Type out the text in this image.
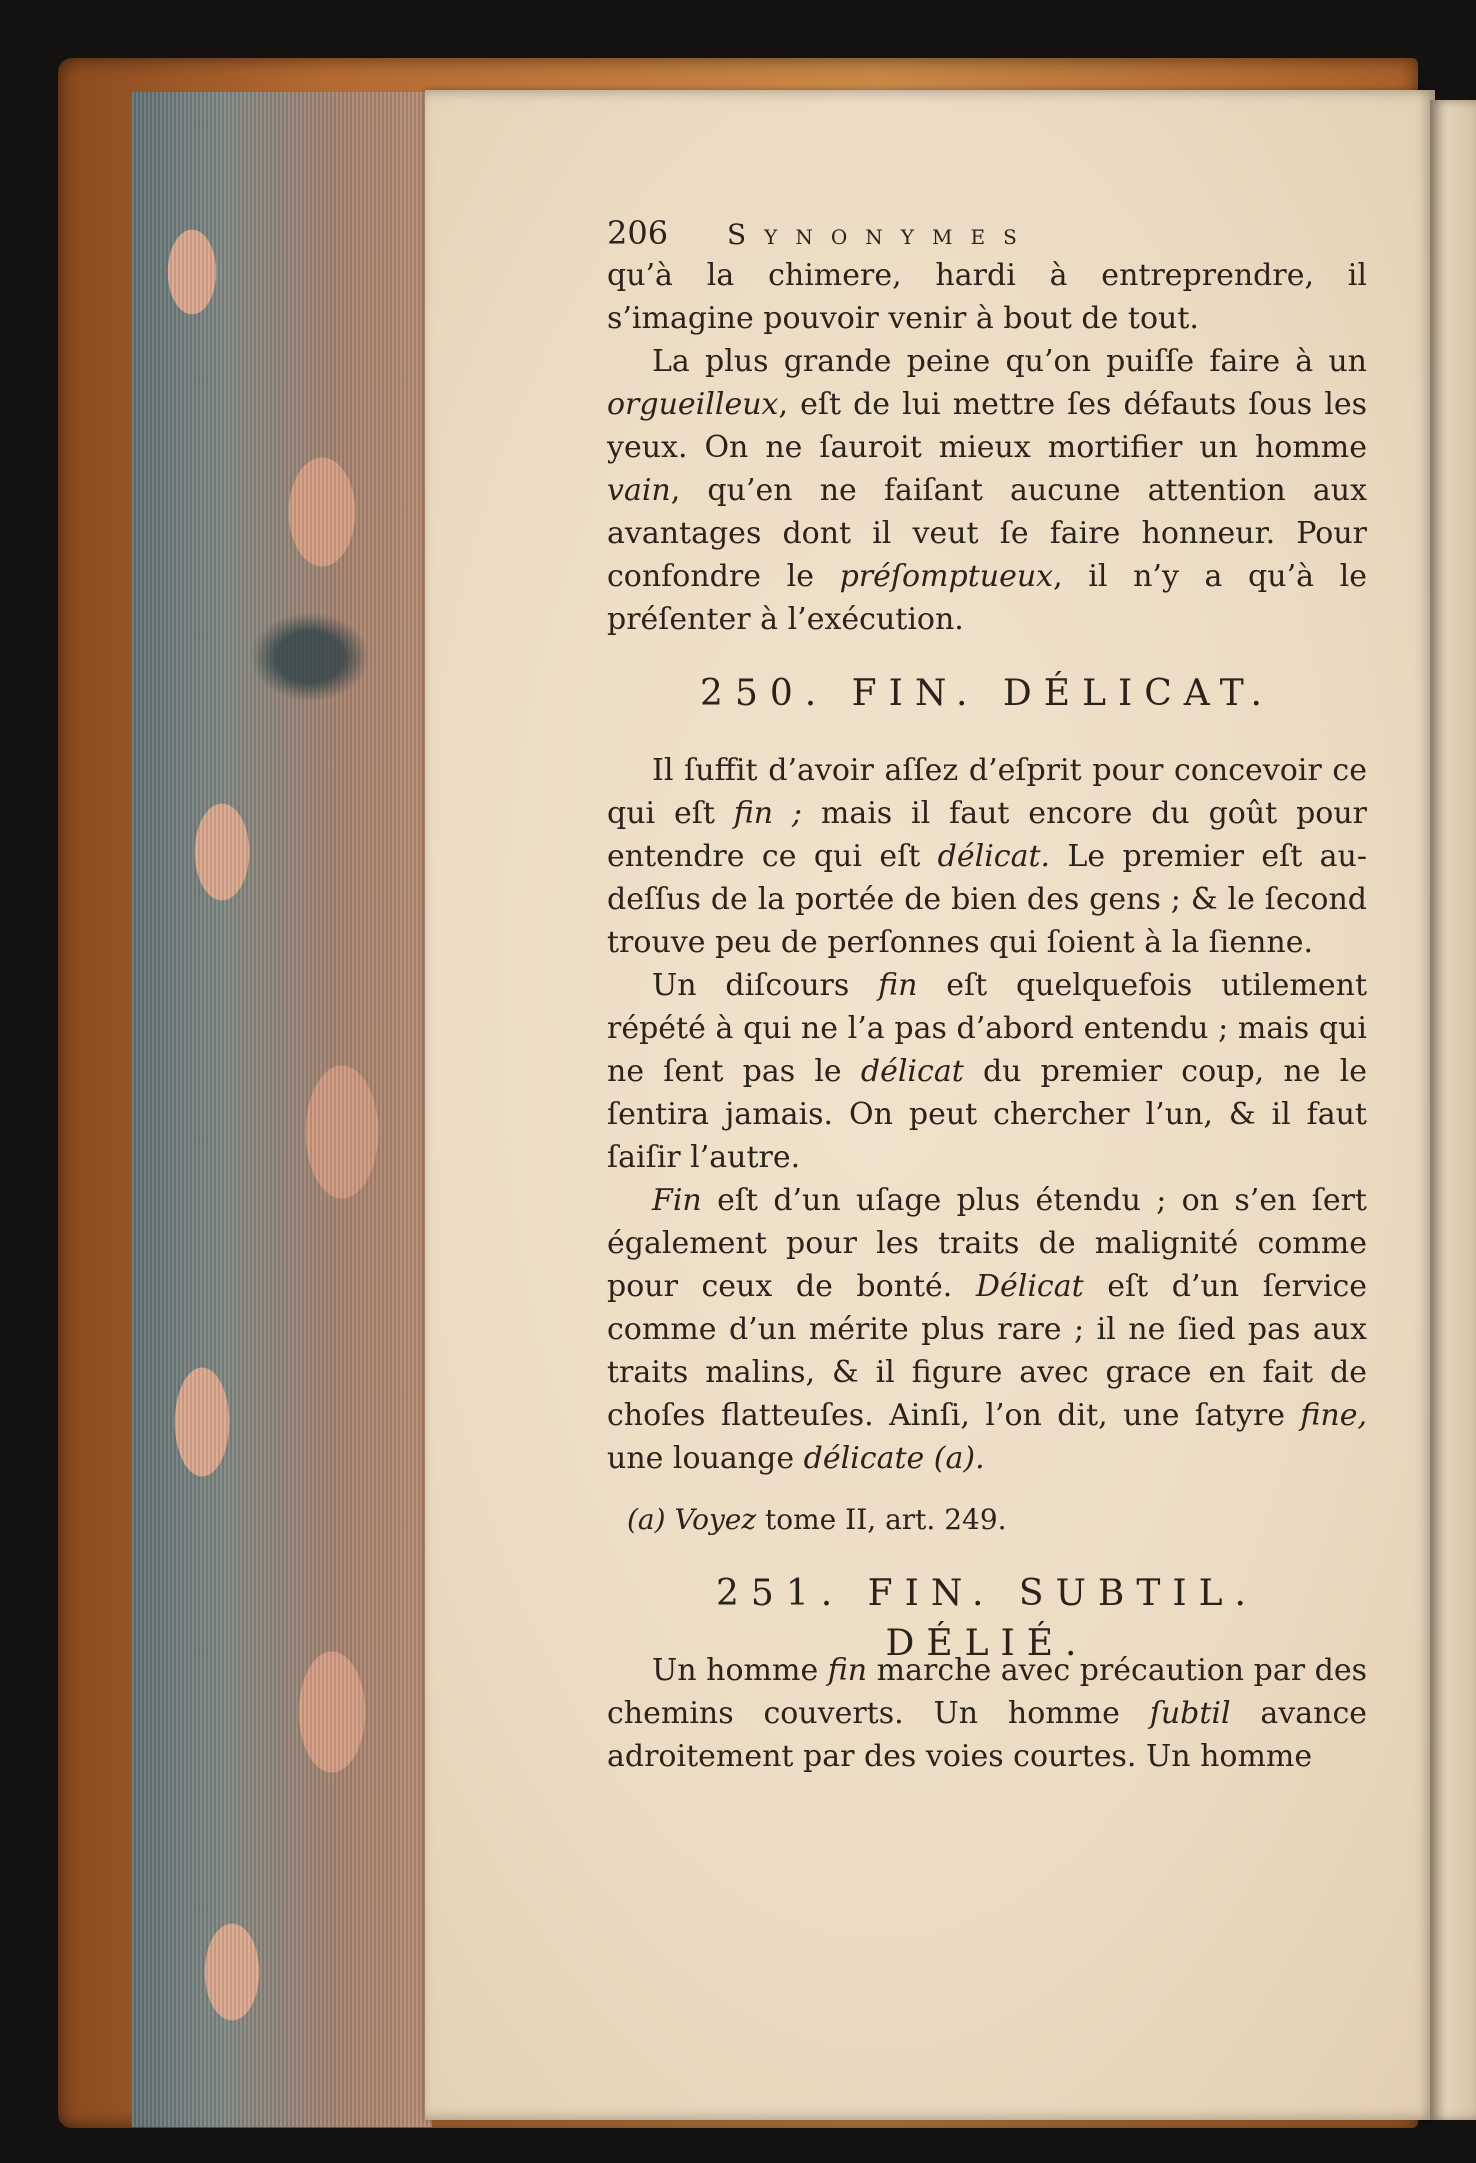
206	Synonymes

qu’à la chimere, hardi à entreprendre, il s’imagine pouvoir venir à bout de tout.

La plus grande peine qu’on puiſſe faire à un orgueilleux, eſt de lui mettre ſes défauts ſous les yeux. On ne ſauroit mieux mortifier un homme vain, qu’en ne faiſant aucune attention aux avantages dont il veut ſe faire honneur. Pour confondre le préſomptueux, il n’y a qu’à le préſenter à l’exécution.

250. FIN. DÉLICAT.

Il ſuffit d’avoir aſſez d’eſprit pour concevoir ce qui eſt fin ; mais il faut encore du goût pour entendre ce qui eſt délicat. Le premier eſt au-deſſus de la portée de bien des gens ; & le ſecond trouve peu de perſonnes qui ſoient à la ſienne.

Un diſcours fin eſt quelquefois utilement répété à qui ne l’a pas d’abord entendu ; mais qui ne ſent pas le délicat du premier coup, ne le ſentira jamais. On peut chercher l’un, & il faut ſaiſir l’autre.

Fin eſt d’un uſage plus étendu ; on s’en ſert également pour les traits de malignité comme pour ceux de bonté. Délicat eſt d’un ſervice comme d’un mérite plus rare ; il ne ſied pas aux traits malins, & il figure avec grace en fait de choſes flatteuſes. Ainſi, l’on dit, une ſatyre fine, une louange délicate (a).

(a) Voyez tome II, art. 249.
251. FIN. SUBTIL. DÉLIÉ.

Un homme fin marche avec précaution par des chemins couverts. Un homme ſubtil avance adroitement par des voies courtes. Un homme
